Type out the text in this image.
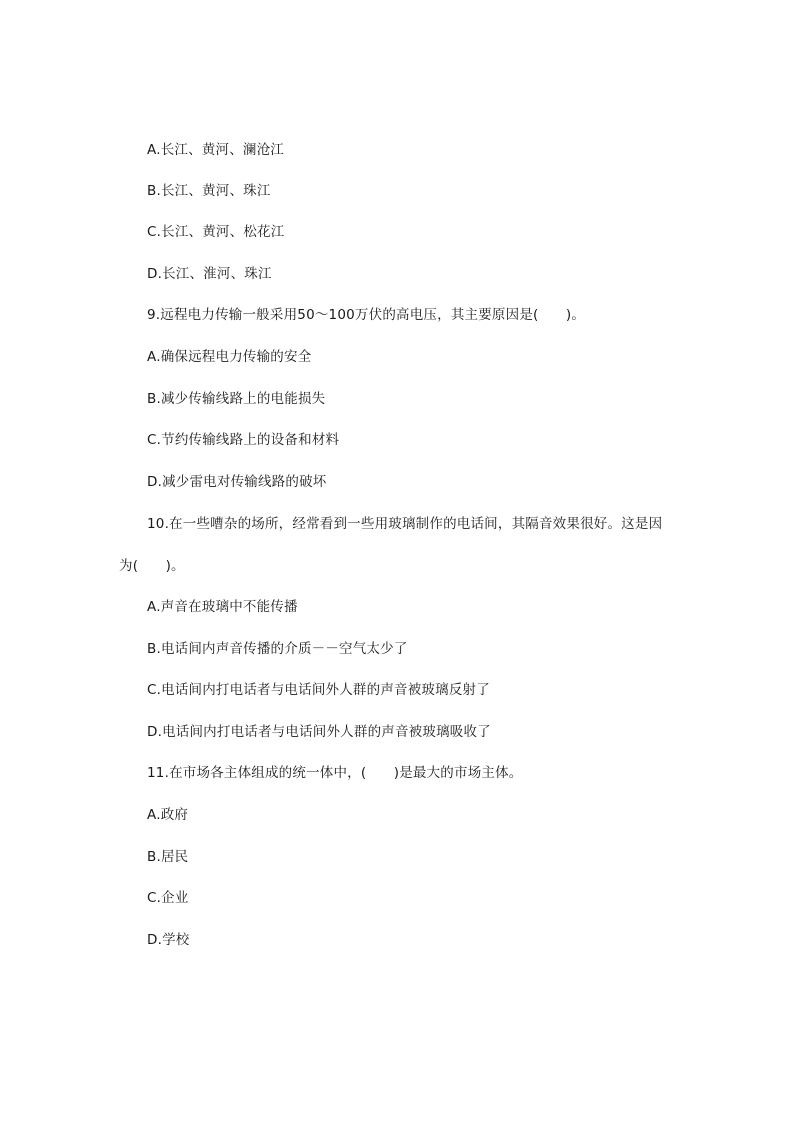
A.长江、黄河、澜沧江
B.长江、黄河、珠江
C.长江、黄河、松花江
D.长江、淮河、珠江
9.远程电力传输一般采用50～100万伏的高电压，其主要原因是(　　)。
A.确保远程电力传输的安全
B.减少传输线路上的电能损失
C.节约传输线路上的设备和材料
D.减少雷电对传输线路的破坏
10.在一些嘈杂的场所，经常看到一些用玻璃制作的电话间，其隔音效果很好。这是因
为(　　)。
A.声音在玻璃中不能传播
B.电话间内声音传播的介质－－空气太少了
C.电话间内打电话者与电话间外人群的声音被玻璃反射了
D.电话间内打电话者与电话间外人群的声音被玻璃吸收了
11.在市场各主体组成的统一体中，(　　)是最大的市场主体。
A.政府
B.居民
C.企业
D.学校
